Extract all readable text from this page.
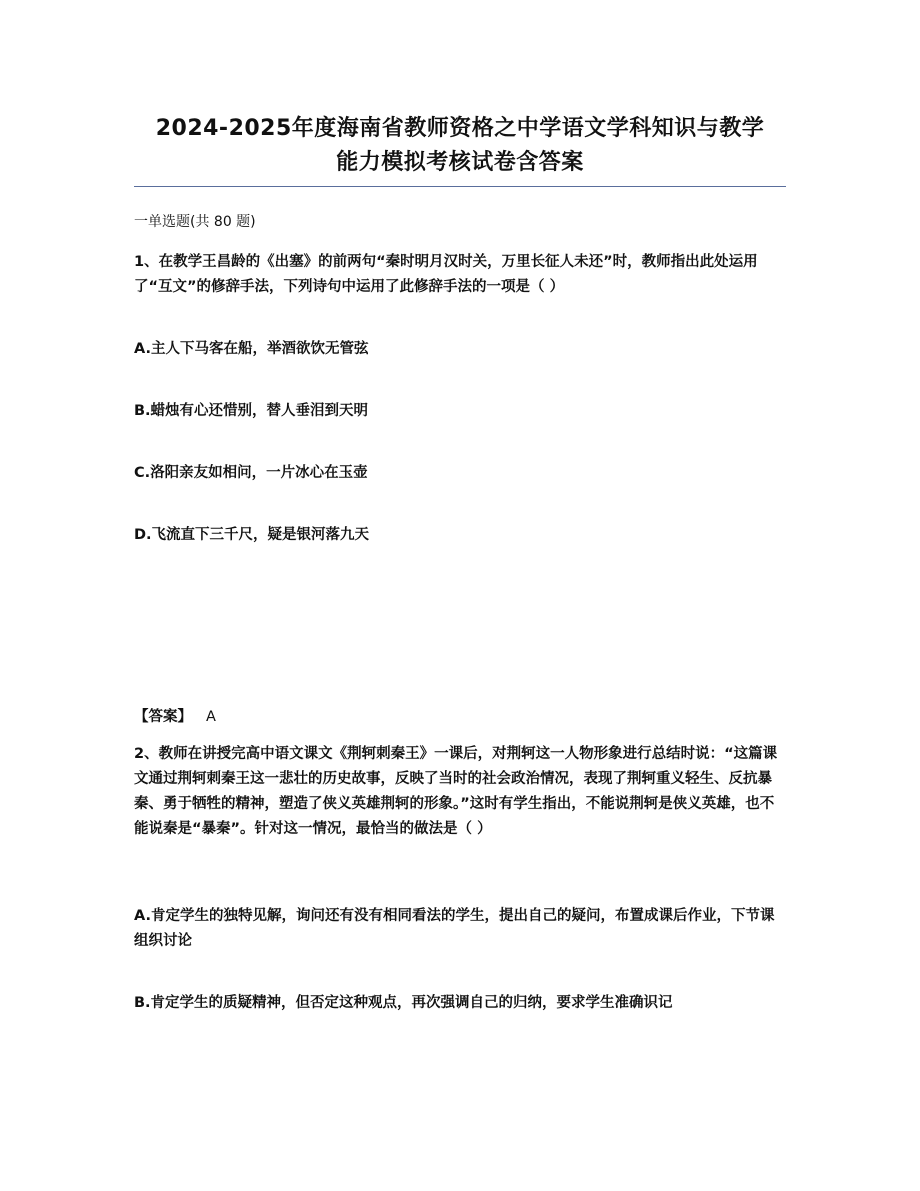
2024-2025年度海南省教师资格之中学语文学科知识与教学
能力模拟考核试卷含答案
一单选题(共 80 题)
1、在教学王昌龄的《出塞》的前两句“秦时明月汉时关，万里长征人未还”时，教师指出此处运用了“互文”的修辞手法，下列诗句中运用了此修辞手法的一项是（ ）
A.主人下马客在船，举酒欲饮无管弦
B.蜡烛有心还惜别，替人垂泪到天明
C.洛阳亲友如相问，一片冰心在玉壶
D.飞流直下三千尺，疑是银河落九天
【答案】 A
2、教师在讲授完高中语文课文《荆轲刺秦王》一课后，对荆轲这一人物形象进行总结时说：“这篇课文通过荆轲刺秦王这一悲壮的历史故事，反映了当时的社会政治情况，表现了荆轲重义轻生、反抗暴秦、勇于牺牲的精神，塑造了侠义英雄荆轲的形象。”这时有学生指出，不能说荆轲是侠义英雄，也不能说秦是“暴秦”。针对这一情况，最恰当的做法是（ ）
A.肯定学生的独特见解，询问还有没有相同看法的学生，提出自己的疑问，布置成课后作业，下节课组织讨论
B.肯定学生的质疑精神，但否定这种观点，再次强调自己的归纳，要求学生准确识记
